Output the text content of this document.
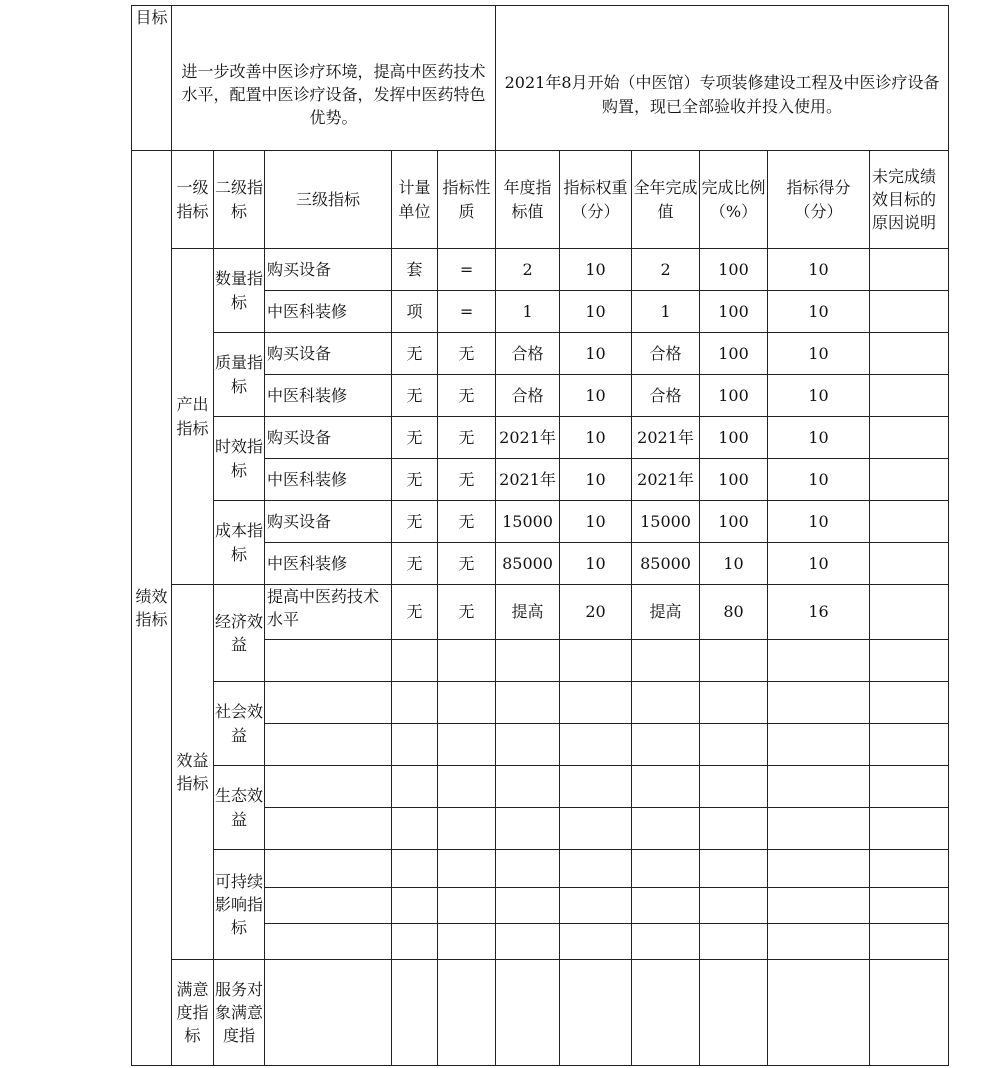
目标	进一步改善中医诊疗环境，提高中医药技术水平，配置中医诊疗设备，发挥中医药特色优势。					2021年8月开始（中医馆）专项装修建设工程及中医诊疗设备购置，现已全部验收并投入使用。					
绩效指标	一级指标	二级指标	三级指标	计量单位	指标性质	年度指标值	指标权重（分）	全年完成值	完成比例（%）	指标得分（分）	未完成绩效目标的原因说明
	产出指标	数量指标	购买设备	套	=	2	10	2	100	10	
			中医科装修	项	=	1	10	1	100	10	
		质量指标	购买设备	无	无	合格	10	合格	100	10	
			中医科装修	无	无	合格	10	合格	100	10	
		时效指标	购买设备	无	无	2021年	10	2021年	100	10	
			中医科装修	无	无	2021年	10	2021年	100	10	
		成本指标	购买设备	无	无	15000	10	15000	100	10	
			中医科装修	无	无	85000	10	85000	10	10	
	效益指标	经济效益	提高中医药技术水平	无	无	提高	20	提高	80	16	

		社会效益									

		生态效益									

		可持续影响指标									

	满意度指标	服务对象满意度指									
